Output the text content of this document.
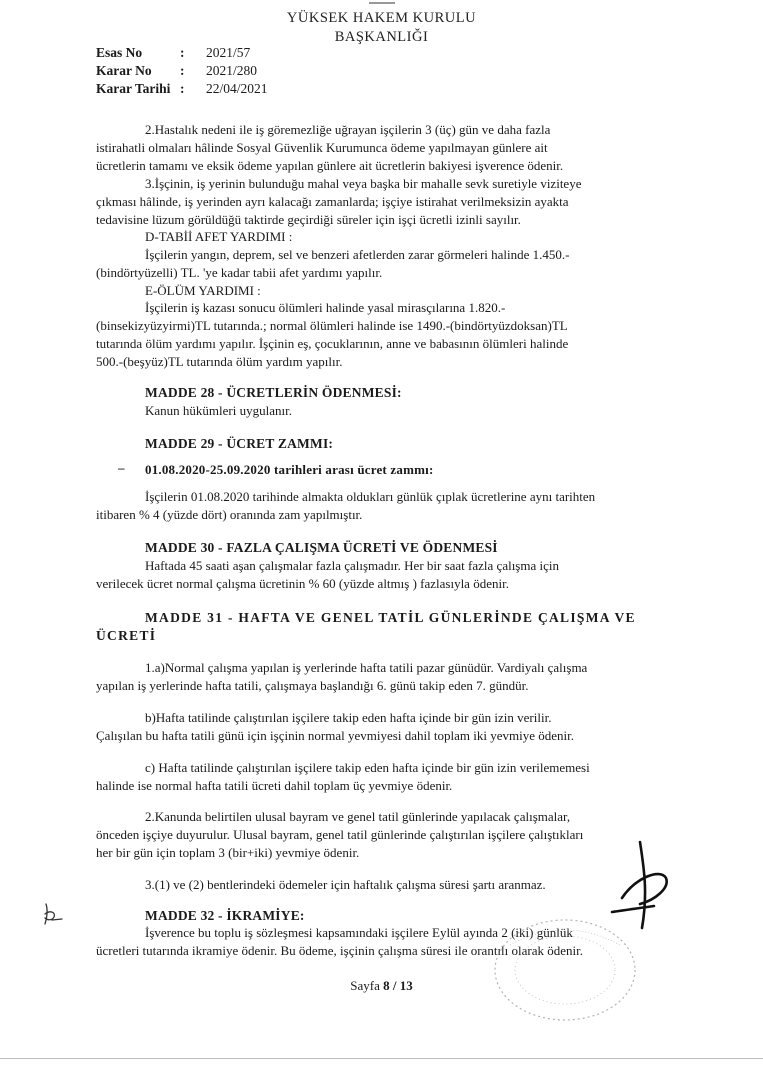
YÜKSEK HAKEM KURULU
BAŞKANLIĞI
Esas No	: 2021/57
Karar No : 2021/280
Karar Tarihi : 22/04/2021
2.Hastalık nedeni ile iş göremezliğe uğrayan işçilerin 3 (üç) gün ve daha fazla
istirahatli olmaları hâlinde Sosyal Güvenlik Kurumunca ödeme yapılmayan günlere ait
ücretlerin tamamı ve eksik ödeme yapılan günlere ait ücretlerin bakiyesi işverence ödenir.
3.İşçinin, iş yerinin bulunduğu mahal veya başka bir mahalle sevk suretiyle viziteye
çıkması hâlinde, iş yerinden ayrı kalacağı zamanlarda; işçiye istirahat verilmeksizin ayakta
tedavisine lüzum görüldüğü taktirde geçirdiği süreler için işçi ücretli izinli sayılır.
D-TABİİ AFET YARDIMI :
İşçilerin yangın, deprem, sel ve benzeri afetlerden zarar görmeleri halinde 1.450.-
(bindörtyüzelli) TL. 'ye kadar tabii afet yardımı yapılır.
E-ÖLÜM YARDIMI :
İşçilerin iş kazası sonucu ölümleri halinde yasal mirasçılarına 1.820.-
(binsekizyüzyirmi)TL tutarında.; normal ölümleri halinde ise 1490.-(bindörtyüzdoksan)TL
tutarında ölüm yardımı yapılır. İşçinin eş, çocuklarının, anne ve babasının ölümleri halinde
500.-(beşyüz)TL tutarında ölüm yardım yapılır.
MADDE 28 - ÜCRETLERİN ÖDENMESİ:
Kanun hükümleri uygulanır.
MADDE 29 - ÜCRET ZAMMI:
– 01.08.2020-25.09.2020 tarihleri arası ücret zammı:
İşçilerin 01.08.2020 tarihinde almakta oldukları günlük çıplak ücretlerine aynı tarihten
itibaren % 4 (yüzde dört) oranında zam yapılmıştır.
MADDE 30 - FAZLA ÇALIŞMA ÜCRETİ VE ÖDENMESİ
Haftada 45 saati aşan çalışmalar fazla çalışmadır. Her bir saat fazla çalışma için
verilecek ücret normal çalışma ücretinin % 60 (yüzde altmış ) fazlasıyla ödenir.
MADDE 31 - HAFTA VE GENEL TATİL GÜNLERİNDE ÇALIŞMA VE
ÜCRETİ
1.a)Normal çalışma yapılan iş yerlerinde hafta tatili pazar günüdür. Vardiyalı çalışma
yapılan iş yerlerinde hafta tatili, çalışmaya başlandığı 6. günü takip eden 7. gündür.
b)Hafta tatilinde çalıştırılan işçilere takip eden hafta içinde bir gün izin verilir.
Çalışılan bu hafta tatili günü için işçinin normal yevmiyesi dahil toplam iki yevmiye ödenir.
c) Hafta tatilinde çalıştırılan işçilere takip eden hafta içinde bir gün izin verilememesi
halinde ise normal hafta tatili ücreti dahil toplam üç yevmiye ödenir.
2.Kanunda belirtilen ulusal bayram ve genel tatil günlerinde yapılacak çalışmalar,
önceden işçiye duyurulur. Ulusal bayram, genel tatil günlerinde çalıştırılan işçilere çalıştıkları
her bir gün için toplam 3 (bir+iki) yevmiye ödenir.
3.(1) ve (2) bentlerindeki ödemeler için haftalık çalışma süresi şartı aranmaz.
MADDE 32 - İKRAMİYE:
İşverence bu toplu iş sözleşmesi kapsamındaki işçilere Eylül ayında 2 (iki) günlük
ücretleri tutarında ikramiye ödenir. Bu ödeme, işçinin çalışma süresi ile orantılı olarak ödenir.
Sayfa 8 / 13
